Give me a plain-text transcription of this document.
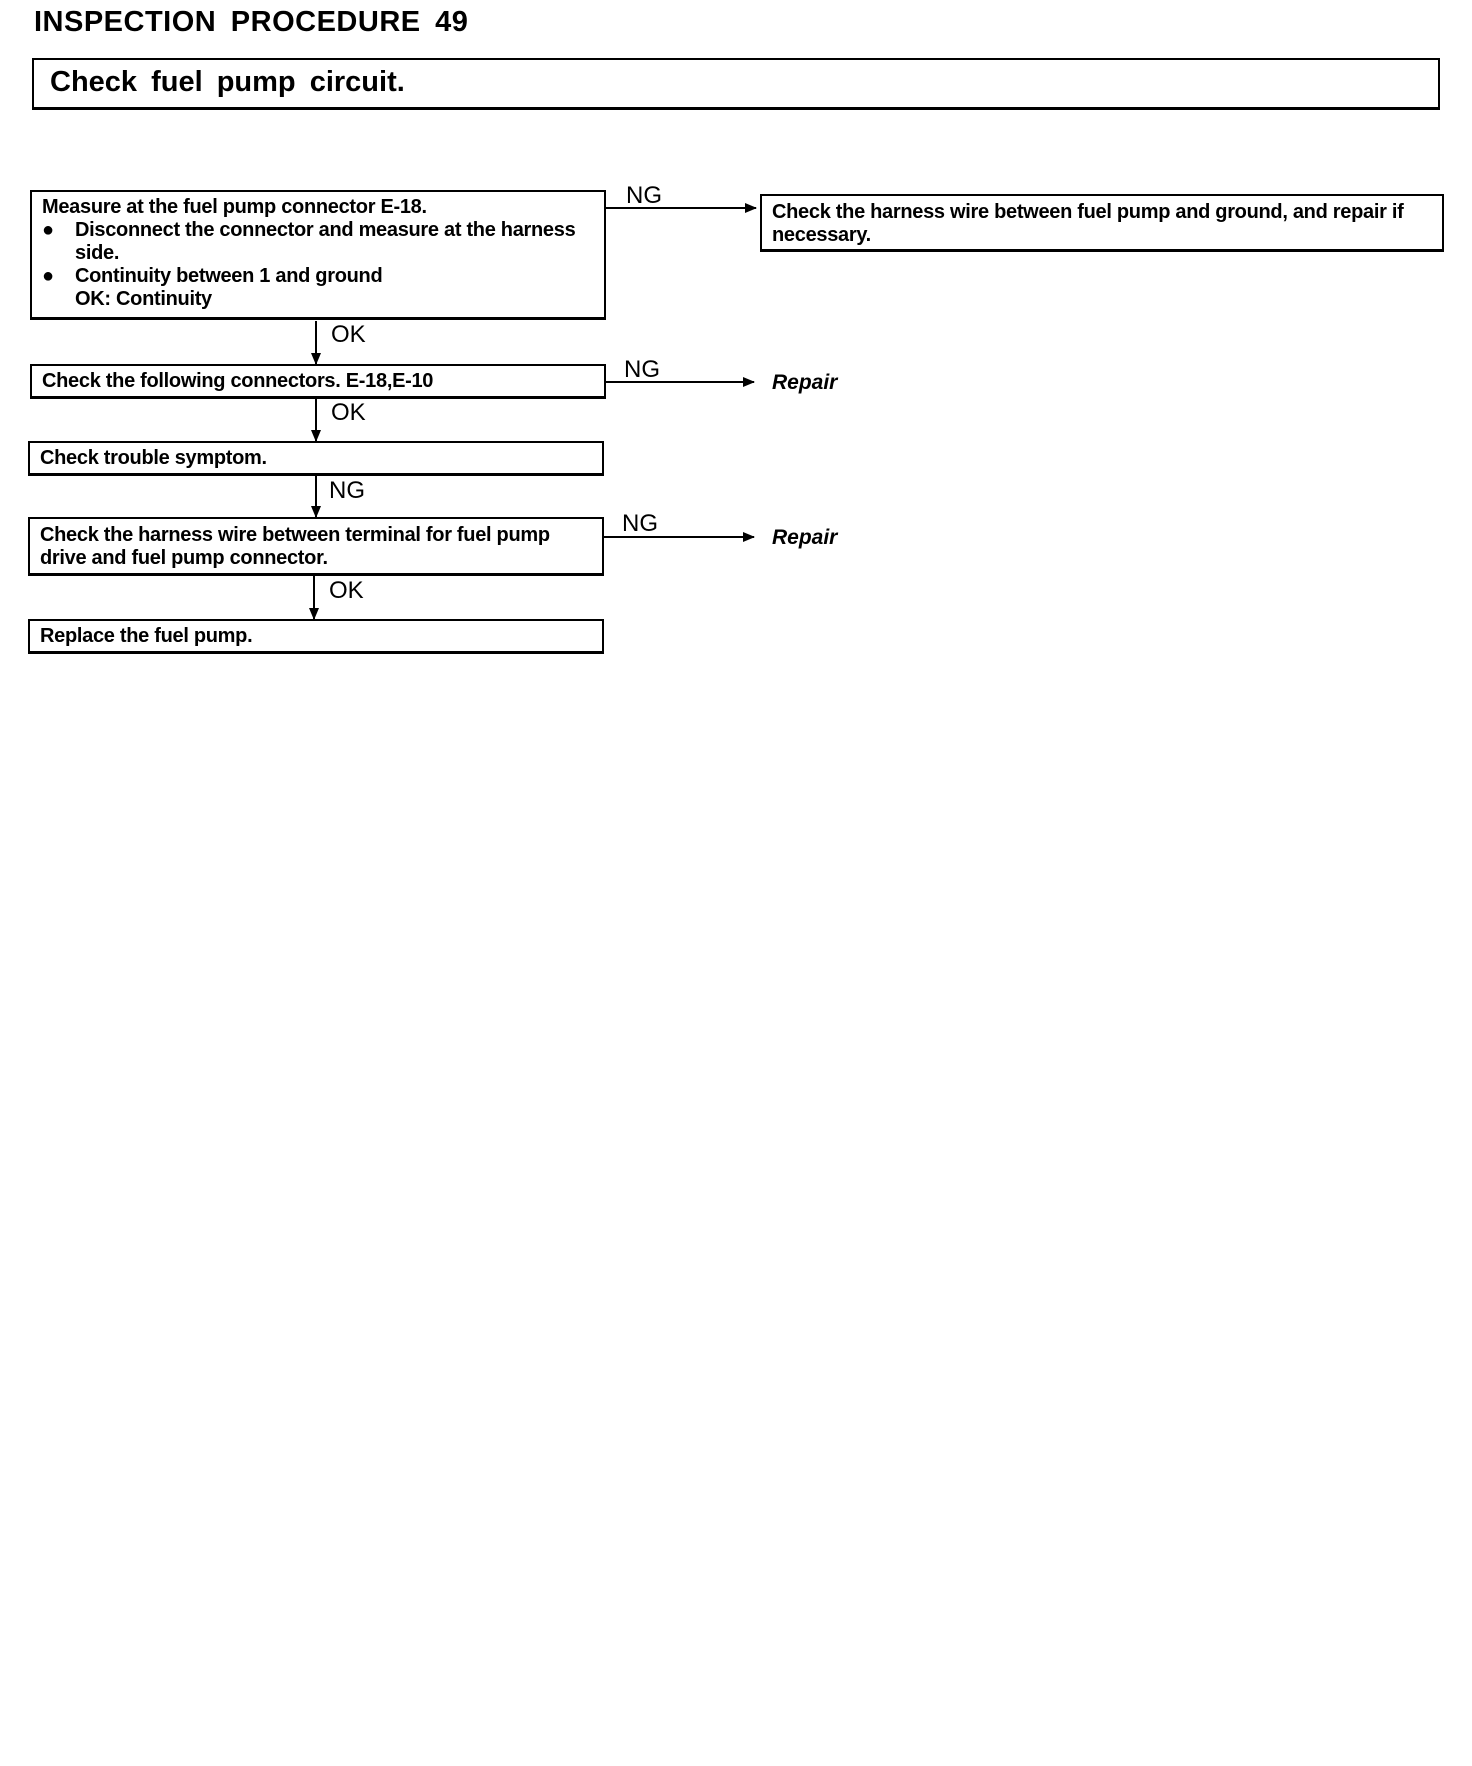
INSPECTION PROCEDURE 49
Check fuel pump circuit.

Measure at the fuel pump connector E-18.

●	Disconnect the connector and measure at the harness side.
●	Continuity between 1 and ground

OK: Continuity

NG

Check the harness wire between fuel pump and ground, and repair if necessary.

OK

Check the following connectors. E-18,E-10	NG	Repair
OK

Check trouble symptom.

NG

Check the harness wire between terminal for fuel pump drive and fuel pump connector.

NG
Repair
OK

Replace the fuel pump.
